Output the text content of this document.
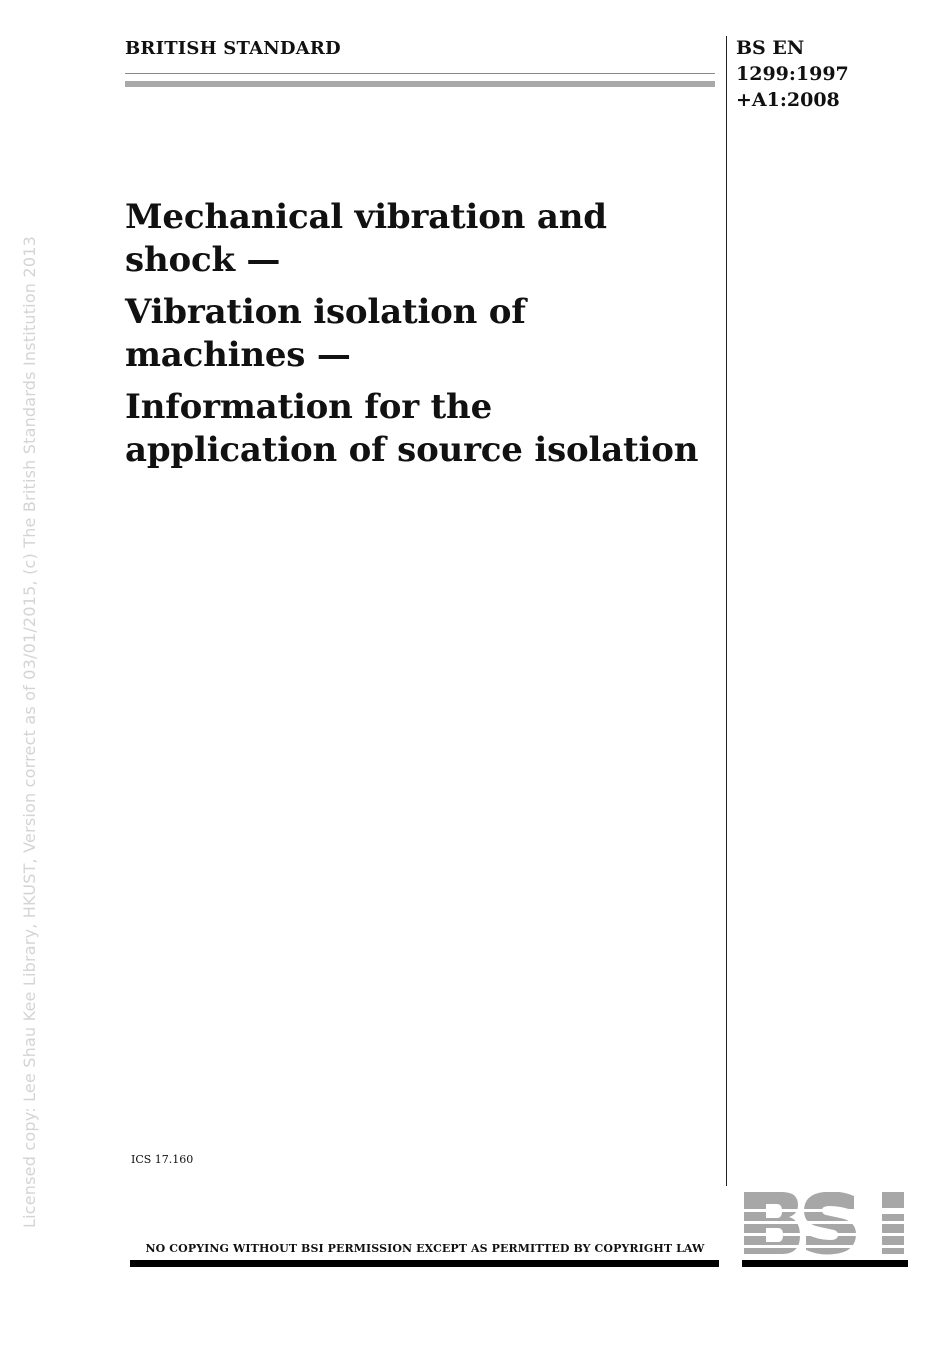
Licensed copy: Lee Shau Kee Library, HKUST, Version correct as of 03/01/2015, (c) The British Standards Institution 2013
BRITISH STANDARD	BS EN
1299:1997
+A1:2008
Mechanical vibration and shock —
Vibration isolation of machines —
Information for the application of source isolation
ICS 17.160
NO COPYING WITHOUT BSI PERMISSION EXCEPT AS PERMITTED BY COPYRIGHT LAW
